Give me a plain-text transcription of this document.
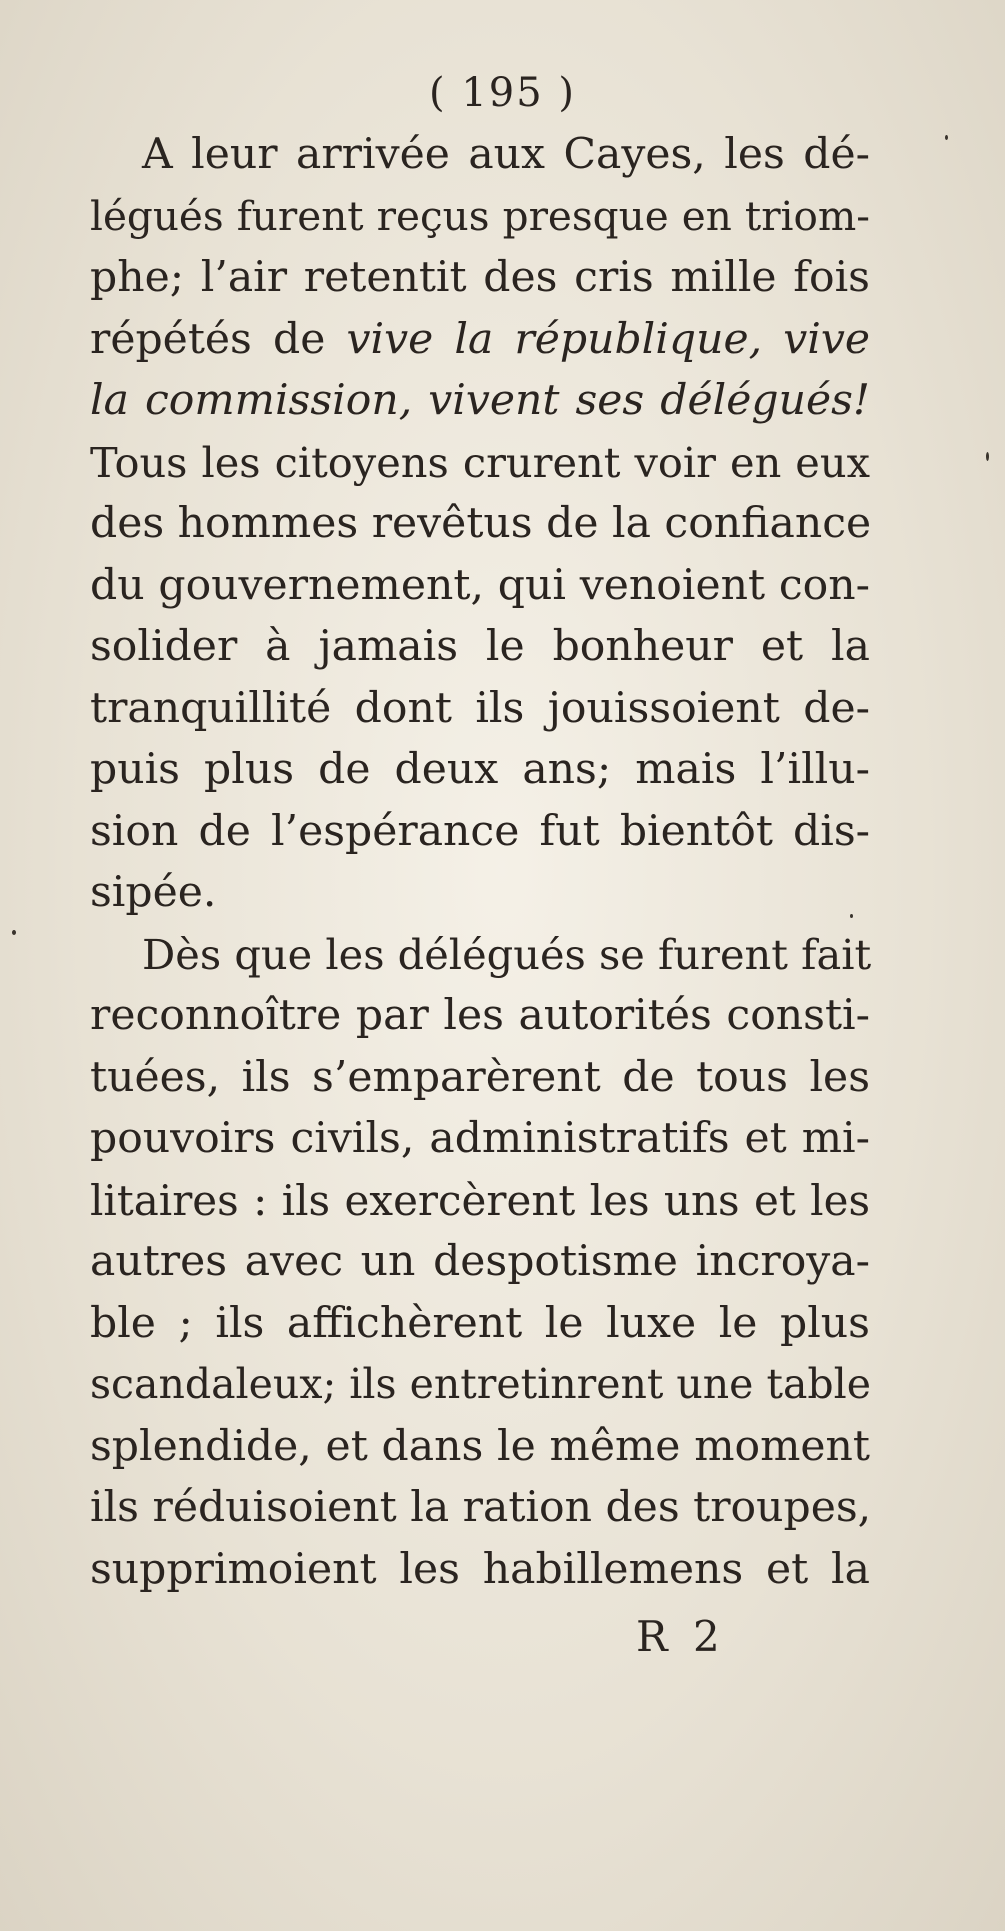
( 195 )
A leur arrivée aux Cayes, les dé-
légués furent reçus presque en triom-
phe; l’air retentit des cris mille fois
répétés de vive la république, vive
la commission, vivent ses délégués!
Tous les citoyens crurent voir en eux
des hommes revêtus de la confiance
du gouvernement, qui venoient con-
solider à jamais le bonheur et la
tranquillité dont ils jouissoient de-
puis plus de deux ans; mais l’illu-
sion de l’espérance fut bientôt dis-
sipée.
Dès que les délégués se furent fait
reconnoître par les autorités consti-
tuées, ils s’emparèrent de tous les
pouvoirs civils, administratifs et mi-
litaires : ils exercèrent les uns et les
autres avec un despotisme incroya-
ble ; ils affichèrent le luxe le plus
scandaleux; ils entretinrent une table
splendide, et dans le même moment
ils réduisoient la ration des troupes,
supprimoient les habillemens et la
R 2
